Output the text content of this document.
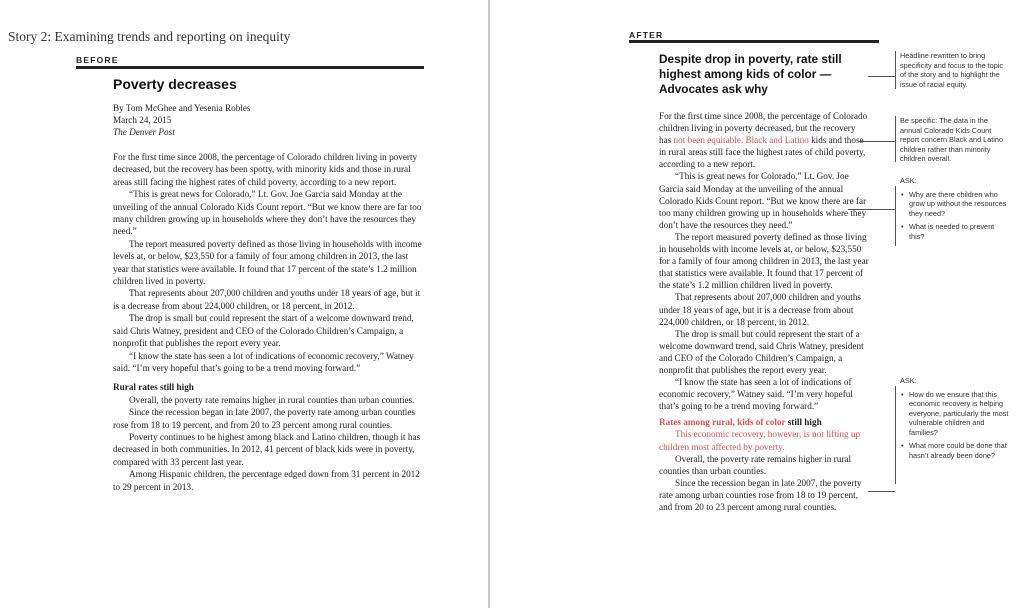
Story 2: Examining trends and reporting on inequity
BEFORE
Poverty decreases
By Tom McGhee and Yesenia Robles
March 24, 2015
The Denver Post

For the first time since 2008, the percentage of Colorado children living in poverty decreased, but the recovery has been spotty, with minority kids and those in rural areas still facing the highest rates of child poverty, according to a new report.

“This is great news for Colorado,” Lt. Gov. Joe Garcia said Monday at the unveiling of the annual Colorado Kids Count report. “But we know there are far too many children growing up in households where they don’t have the resources they need.”

The report measured poverty defined as those living in households with income levels at, or below, $23,550 for a family of four among children in 2013, the last year that statistics were available. It found that 17 percent of the state’s 1.2 million children lived in poverty.

That represents about 207,000 children and youths under 18 years of age, but it is a decrease from about 224,000 children, or 18 percent, in 2012.

The drop is small but could represent the start of a welcome downward trend, said Chris Watney, president and CEO of the Colorado Children’s Campaign, a nonprofit that publishes the report every year.

“I know the state has seen a lot of indications of economic recovery,” Watney said. “I’m very hopeful that’s going to be a trend moving forward.”

Rural rates still high

Overall, the poverty rate remains higher in rural counties than urban counties.

Since the recession began in late 2007, the poverty rate among urban counties rose from 18 to 19 percent, and from 20 to 23 percent among rural counties.

Poverty continues to be highest among black and Latino children, though it has decreased in both communities. In 2012, 41 percent of black kids were in poverty, compared with 33 percent last year.

Among Hispanic children, the percentage edged down from 31 percent in 2012 to 29 percent in 2013.

AFTER
Despite drop in poverty, rate still highest among kids of color — Advocates ask why

For the first time since 2008, the percentage of Colorado children living in poverty decreased, but the recovery has not been equitable. Black and Latino kids and those in rural areas still face the highest rates of child poverty, according to a new report.

“This is great news for Colorado,” Lt. Gov. Joe Garcia said Monday at the unveiling of the annual Colorado Kids Count report. “But we know there are far too many children growing up in households where they don’t have the resources they need.”

The report measured poverty defined as those living in households with income levels at, or below, $23,550 for a family of four among children in 2013, the last year that statistics were available. It found that 17 percent of the state’s 1.2 million children lived in poverty.

That represents about 207,000 children and youths under 18 years of age, but it is a decrease from about 224,000 children, or 18 percent, in 2012.

The drop is small but could represent the start of a welcome downward trend, said Chris Watney, president and CEO of the Colorado Children’s Campaign, a nonprofit that publishes the report every year.

“I know the state has seen a lot of indications of economic recovery,” Watney said. “I’m very hopeful that’s going to be a trend moving forward.”

Rates among rural, kids of color still high

This economic recovery, however, is not lifting up children most affected by poverty.

Overall, the poverty rate remains higher in rural counties than urban counties.

Since the recession began in late 2007, the poverty rate among urban counties rose from 18 to 19 percent, and from 20 to 23 percent among rural counties.

Headline rewritten to bring specificity and focus to the topic of the story and to highlight the issue of racial equity.
Be specific: The data in the annual Colorado Kids Count report concern Black and Latino children rather than minority children overall.
ASK:
• Why are there children who grow up without the resources they need?
• What is needed to prevent this?
ASK:
• How do we ensure that this economic recovery is helping everyone, particularly the most vulnerable children and families?
• What more could be done that hasn’t already been done?
